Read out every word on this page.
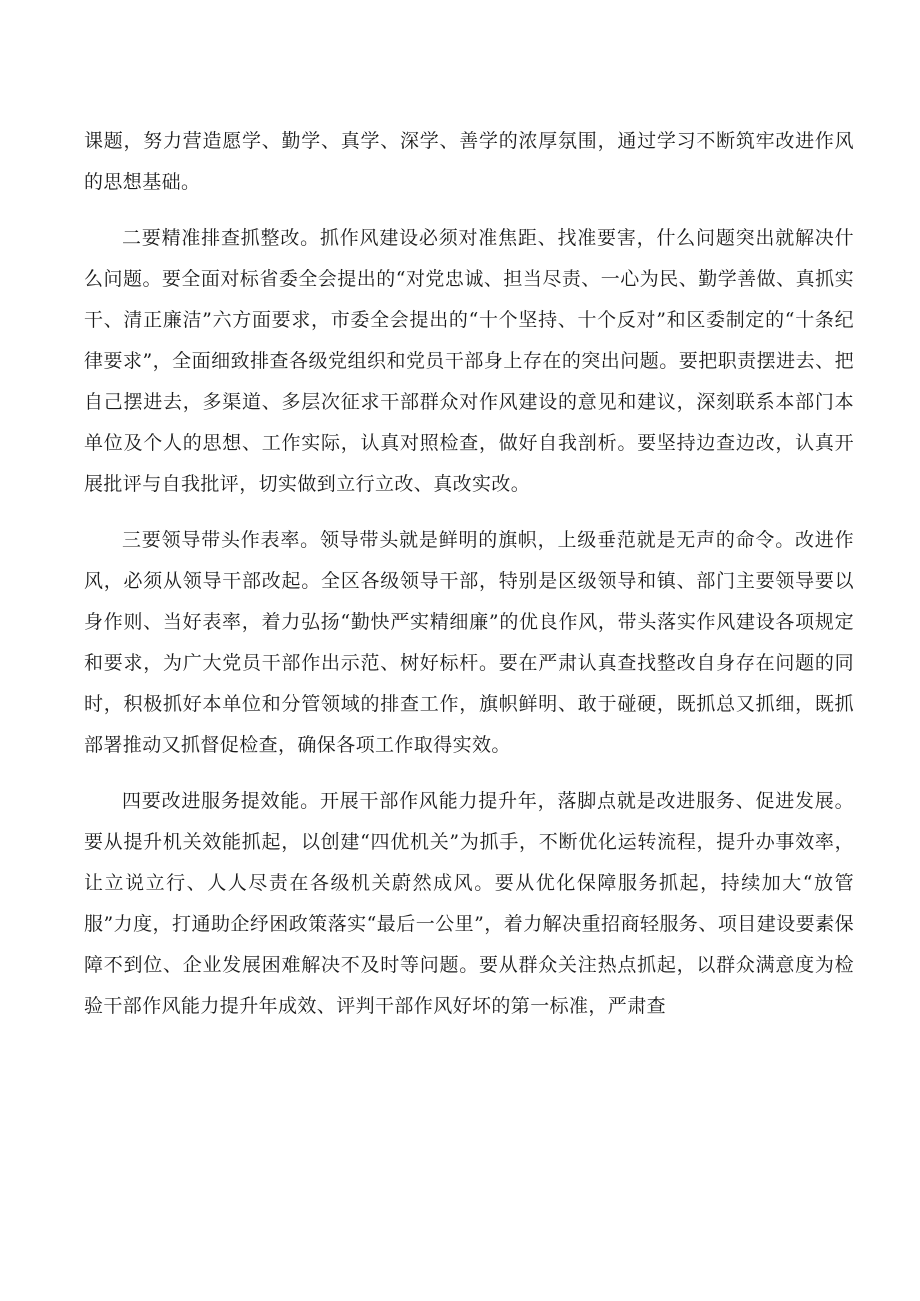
课题，努力营造愿学、勤学、真学、深学、善学的浓厚氛围，通过学习不断筑牢改进作风的思想基础。

二要精准排查抓整改。抓作风建设必须对准焦距、找准要害，什么问题突出就解决什么问题。要全面对标省委全会提出的“对党忠诚、担当尽责、一心为民、勤学善做、真抓实干、清正廉洁”六方面要求，市委全会提出的“十个坚持、十个反对”和区委制定的“十条纪律要求”，全面细致排查各级党组织和党员干部身上存在的突出问题。要把职责摆进去、把自己摆进去，多渠道、多层次征求干部群众对作风建设的意见和建议，深刻联系本部门本单位及个人的思想、工作实际，认真对照检查，做好自我剖析。要坚持边查边改，认真开展批评与自我批评，切实做到立行立改、真改实改。

三要领导带头作表率。领导带头就是鲜明的旗帜，上级垂范就是无声的命令。改进作风，必须从领导干部改起。全区各级领导干部，特别是区级领导和镇、部门主要领导要以身作则、当好表率，着力弘扬“勤快严实精细廉”的优良作风，带头落实作风建设各项规定和要求，为广大党员干部作出示范、树好标杆。要在严肃认真查找整改自身存在问题的同时，积极抓好本单位和分管领域的排查工作，旗帜鲜明、敢于碰硬，既抓总又抓细，既抓部署推动又抓督促检查，确保各项工作取得实效。

四要改进服务提效能。开展干部作风能力提升年，落脚点就是改进服务、促进发展。要从提升机关效能抓起，以创建“四优机关”为抓手，不断优化运转流程，提升办事效率，让立说立行、人人尽责在各级机关蔚然成风。要从优化保障服务抓起，持续加大“放管服”力度，打通助企纾困政策落实“最后一公里”，着力解决重招商轻服务、项目建设要素保障不到位、企业发展困难解决不及时等问题。要从群众关注热点抓起，以群众满意度为检验干部作风能力提升年成效、评判干部作风好坏的第一标准，严肃查
